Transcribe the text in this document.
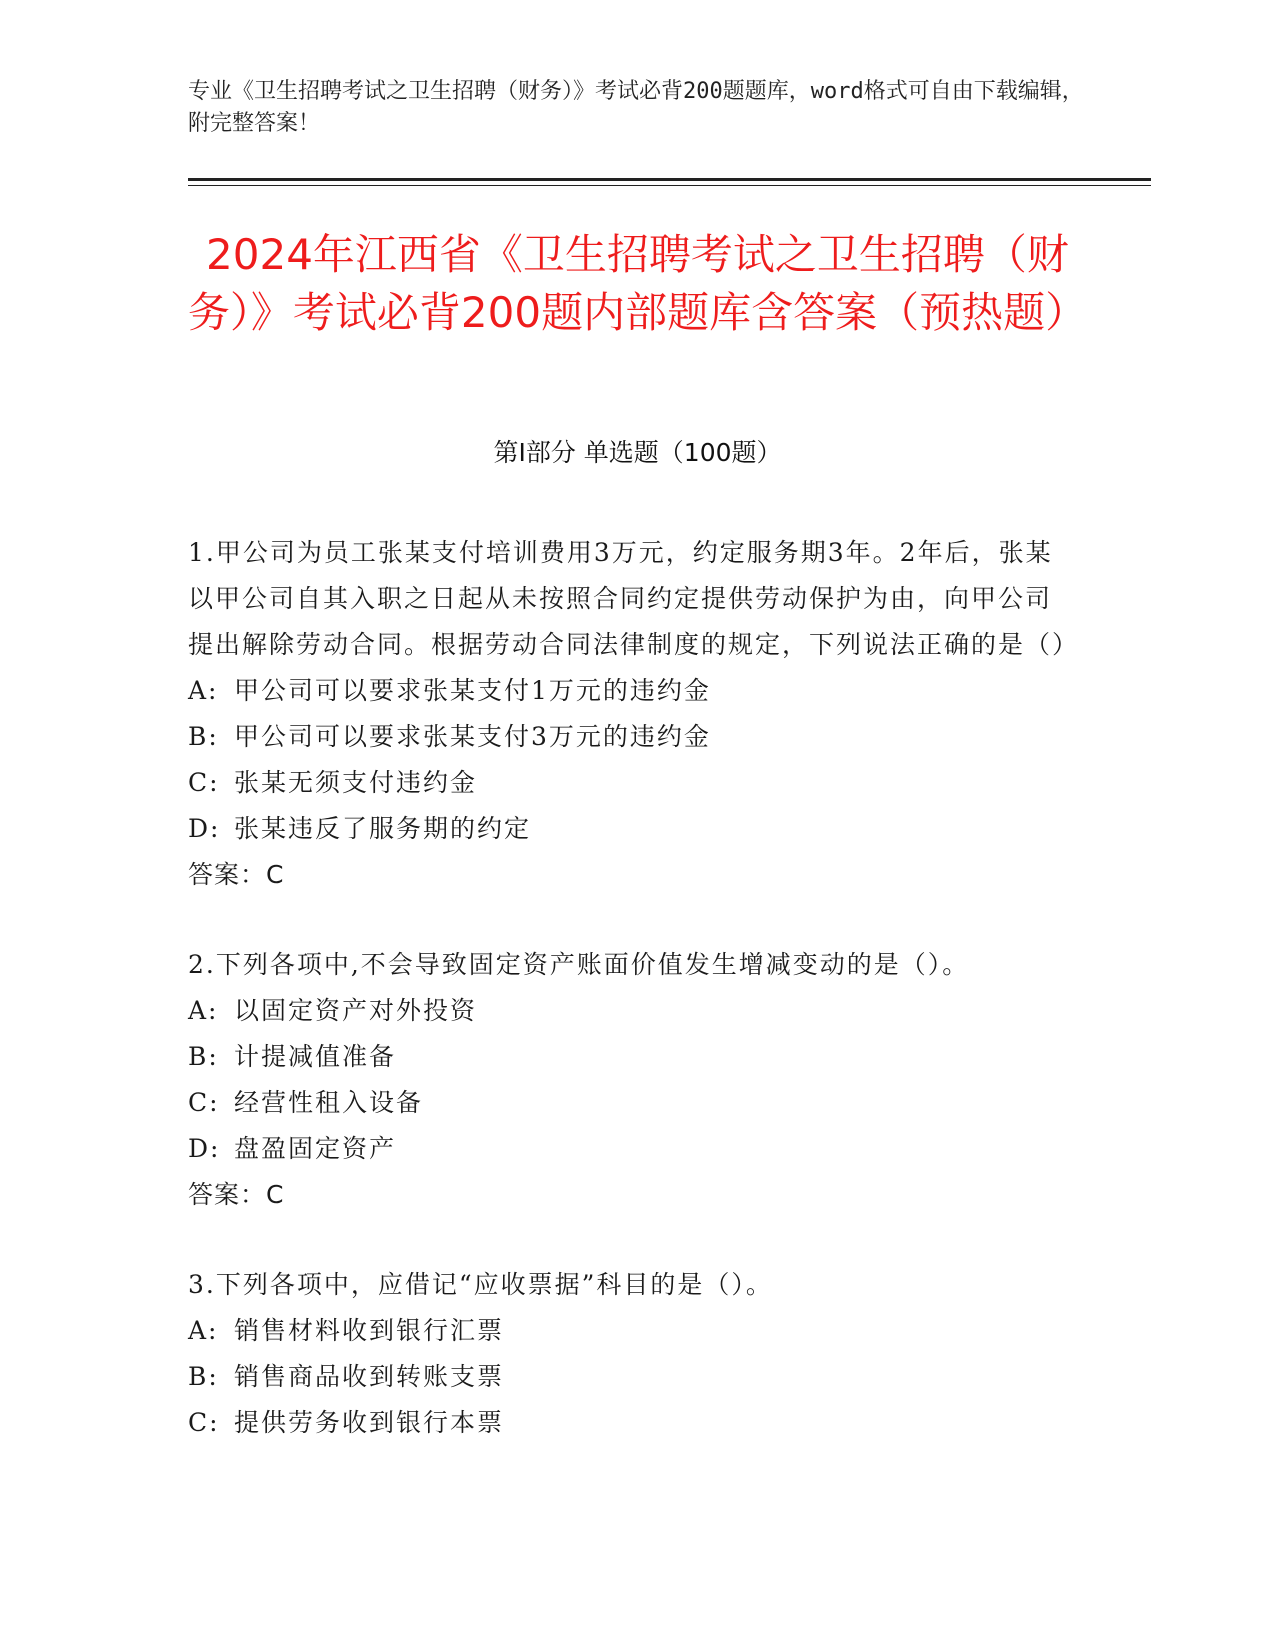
专业《卫生招聘考试之卫生招聘（财务）》考试必背200题题库，word格式可自由下载编辑，附完整答案！
2024年江西省《卫生招聘考试之卫生招聘（财务）》考试必背200题内部题库含答案（预热题）
第Ⅰ部分 单选题（100题）
1.甲公司为员工张某支付培训费用3万元，约定服务期3年。2年后，张某以甲公司自其入职之日起从未按照合同约定提供劳动保护为由，向甲公司提出解除劳动合同。根据劳动合同法律制度的规定，下列说法正确的是（）
A: 甲公司可以要求张某支付1万元的违约金
B: 甲公司可以要求张某支付3万元的违约金
C: 张某无须支付违约金
D: 张某违反了服务期的约定
答案：C
2.下列各项中,不会导致固定资产账面价值发生增减变动的是（）。
A: 以固定资产对外投资
B: 计提减值准备
C: 经营性租入设备
D: 盘盈固定资产
答案：C
3.下列各项中，应借记“应收票据”科目的是（）。
A: 销售材料收到银行汇票
B: 销售商品收到转账支票
C: 提供劳务收到银行本票
